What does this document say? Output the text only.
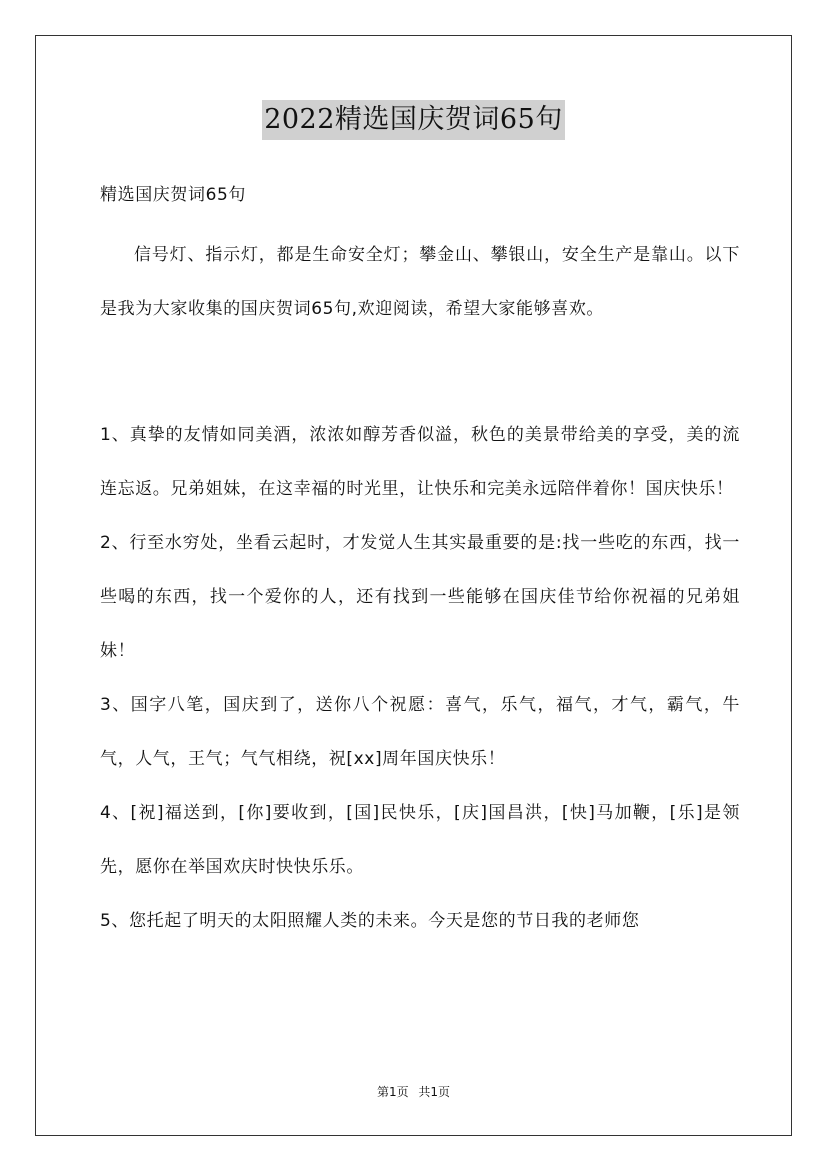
2022精选国庆贺词65句

精选国庆贺词65句

信号灯、指示灯，都是生命安全灯；攀金山、攀银山，安全生产是靠山。以下是我为大家收集的国庆贺词65句,欢迎阅读，希望大家能够喜欢。

1、真挚的友情如同美酒，浓浓如醇芳香似溢，秋色的美景带给美的享受，美的流连忘返。兄弟姐妹，在这幸福的时光里，让快乐和完美永远陪伴着你！国庆快乐！

2、行至水穷处，坐看云起时，才发觉人生其实最重要的是:找一些吃的东西，找一些喝的东西，找一个爱你的人，还有找到一些能够在国庆佳节给你祝福的兄弟姐妹！

3、国字八笔，国庆到了，送你八个祝愿：喜气，乐气，福气，才气，霸气，牛气，人气，王气；气气相绕，祝[xx]周年国庆快乐！

4、[祝]福送到，[你]要收到，[国]民快乐，[庆]国昌洪，[快]马加鞭，[乐]是领先，愿你在举国欢庆时快快乐乐。

5、您托起了明天的太阳照耀人类的未来。今天是您的节日我的老师您

第1页 共1页
